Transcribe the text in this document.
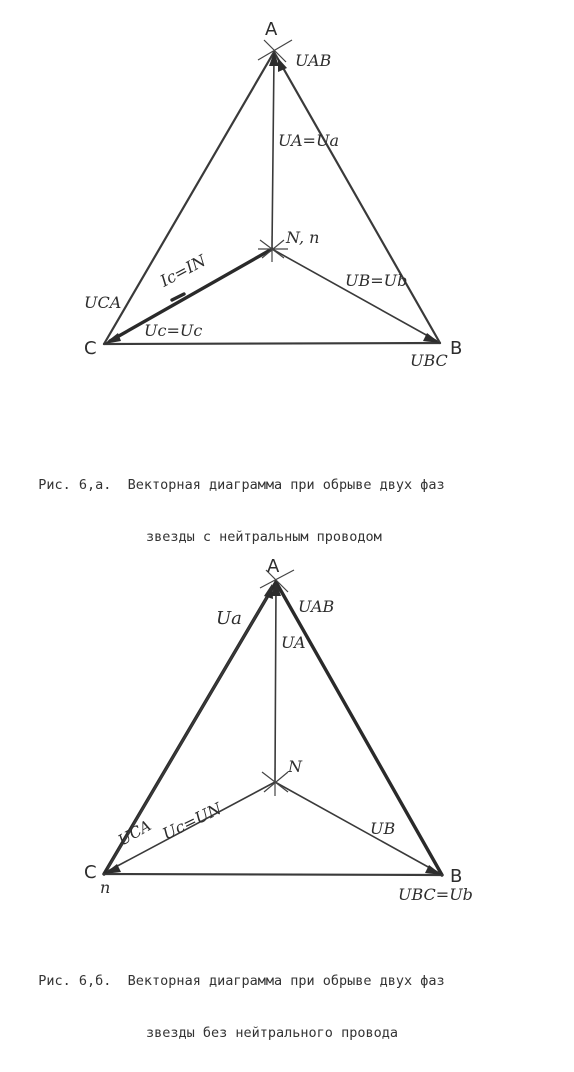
A
B
C
N, n
UAB
UA=Ua
UB=Ub
Uc=Uc
Ic=IN
UCA
UBC

Рис. 6,а.  Векторная диаграмма при обрыве двух фаз

звезды с нейтральным проводом

A
B
C
n
N
Ua
UAB
UA
UCA Uc=UN	UB
UBC=Ub

Рис. 6,б.  Векторная диаграмма при обрыве двух фаз

звезды без нейтрального провода
